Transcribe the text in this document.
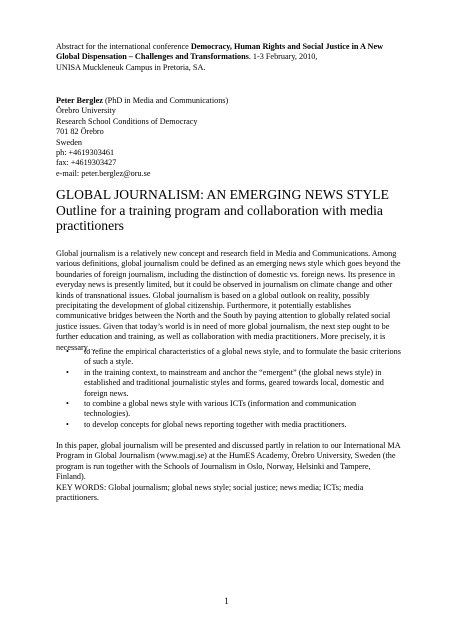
Abstract for the international conference Democracy, Human Rights and Social Justice in A New Global Dispensation – Challenges and Transformations. 1-3 February, 2010,

UNISA Muckleneuk Campus in Pretoria, SA.

Peter Berglez (PhD in Media and Communications)

Örebro University

Research School Conditions of Democracy

701 82 Örebro

Sweden

ph: +4619303461

fax: +4619303427

e-mail: peter.berglez@oru.se

GLOBAL JOURNALISM: AN EMERGING NEWS STYLE
Outline for a training program and collaboration with media practitioners

Global journalism is a relatively new concept and research field in Media and Communications. Among various definitions, global journalism could be defined as an emerging news style which goes beyond the boundaries of foreign journalism, including the distinction of domestic vs. foreign news. Its presence in everyday news is presently limited, but it could be observed in journalism on climate change and other kinds of transnational issues. Global journalism is based on a global outlook on reality, possibly precipitating the development of global citizenship. Furthermore, it potentially establishes communicative bridges between the North and the South by paying attention to globally related social justice issues. Given that today’s world is in need of more global journalism, the next step ought to be further education and training, as well as collaboration with media practitioners. More precisely, it is necessary…

• to refine the empirical characteristics of a global news style, and to formulate the basic criterions of such a style.
• in the training context, to mainstream and anchor the “emergent” (the global news style) in established and traditional journalistic styles and forms, geared towards local, domestic and foreign news.
• to combine a global news style with various ICTs (information and communication technologies).
• to develop concepts for global news reporting together with media practitioners.

In this paper, global journalism will be presented and discussed partly in relation to our International MA Program in Global Journalism (www.magj.se) at the HumES Academy, Örebro University, Sweden (the program is run together with the Schools of Journalism in Oslo, Norway, Helsinki and Tampere, Finland).

KEY WORDS: Global journalism; global news style; social justice; news media; ICTs; media practitioners.

1
